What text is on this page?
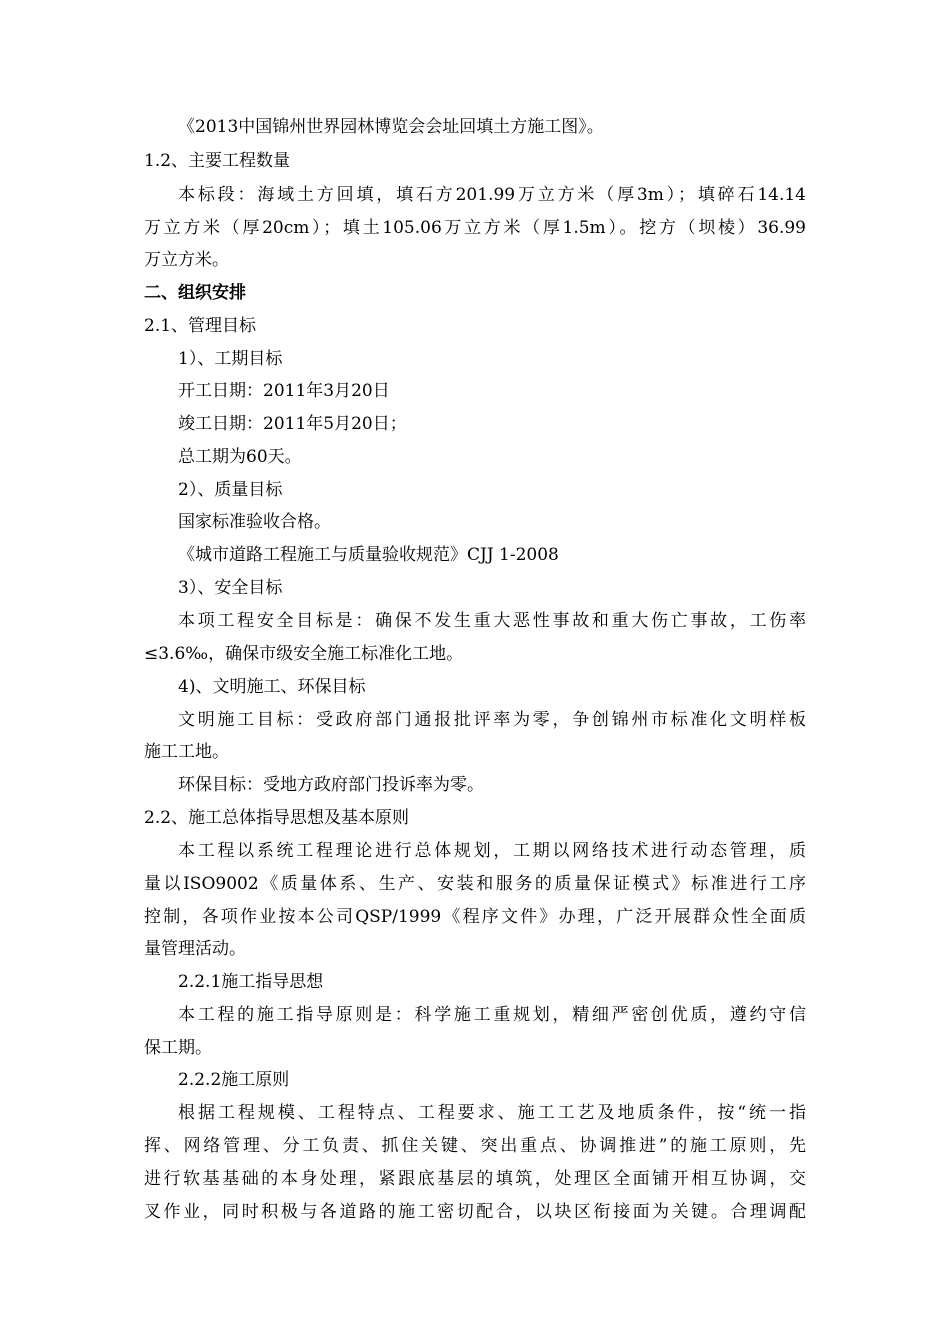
《2013中国锦州世界园林博览会会址回填土方施工图》。

1.2、主要工程数量

本标段：海域土方回填，填石方201.99万立方米（厚3m）；填碎石14.14

万立方米（厚20cm）；填土105.06万立方米（厚1.5m）。挖方（坝棱）36.99

万立方米。

二、组织安排

2.1、管理目标

1）、工期目标

开工日期：2011年3月20日

竣工日期：2011年5月20日；

总工期为60天。

2）、质量目标

国家标准验收合格。

《城市道路工程施工与质量验收规范》CJJ 1-2008

3）、安全目标

本项工程安全目标是：确保不发生重大恶性事故和重大伤亡事故，工伤率

≤3.6‰，确保市级安全施工标准化工地。

4)、文明施工、环保目标

文明施工目标：受政府部门通报批评率为零，争创锦州市标准化文明样板

施工工地。

环保目标：受地方政府部门投诉率为零。

2.2、施工总体指导思想及基本原则

本工程以系统工程理论进行总体规划，工期以网络技术进行动态管理，质

量以ISO9002《质量体系、生产、安装和服务的质量保证模式》标准进行工序

控制，各项作业按本公司QSP/1999《程序文件》办理，广泛开展群众性全面质

量管理活动。

2.2.1施工指导思想

本工程的施工指导原则是：科学施工重规划，精细严密创优质，遵约守信

保工期。

2.2.2施工原则

根据工程规模、工程特点、工程要求、施工工艺及地质条件，按“统一指

挥、网络管理、分工负责、抓住关键、突出重点、协调推进”的施工原则，先

进行软基基础的本身处理，紧跟底基层的填筑，处理区全面铺开相互协调，交

叉作业，同时积极与各道路的施工密切配合，以块区衔接面为关键。合理调配
